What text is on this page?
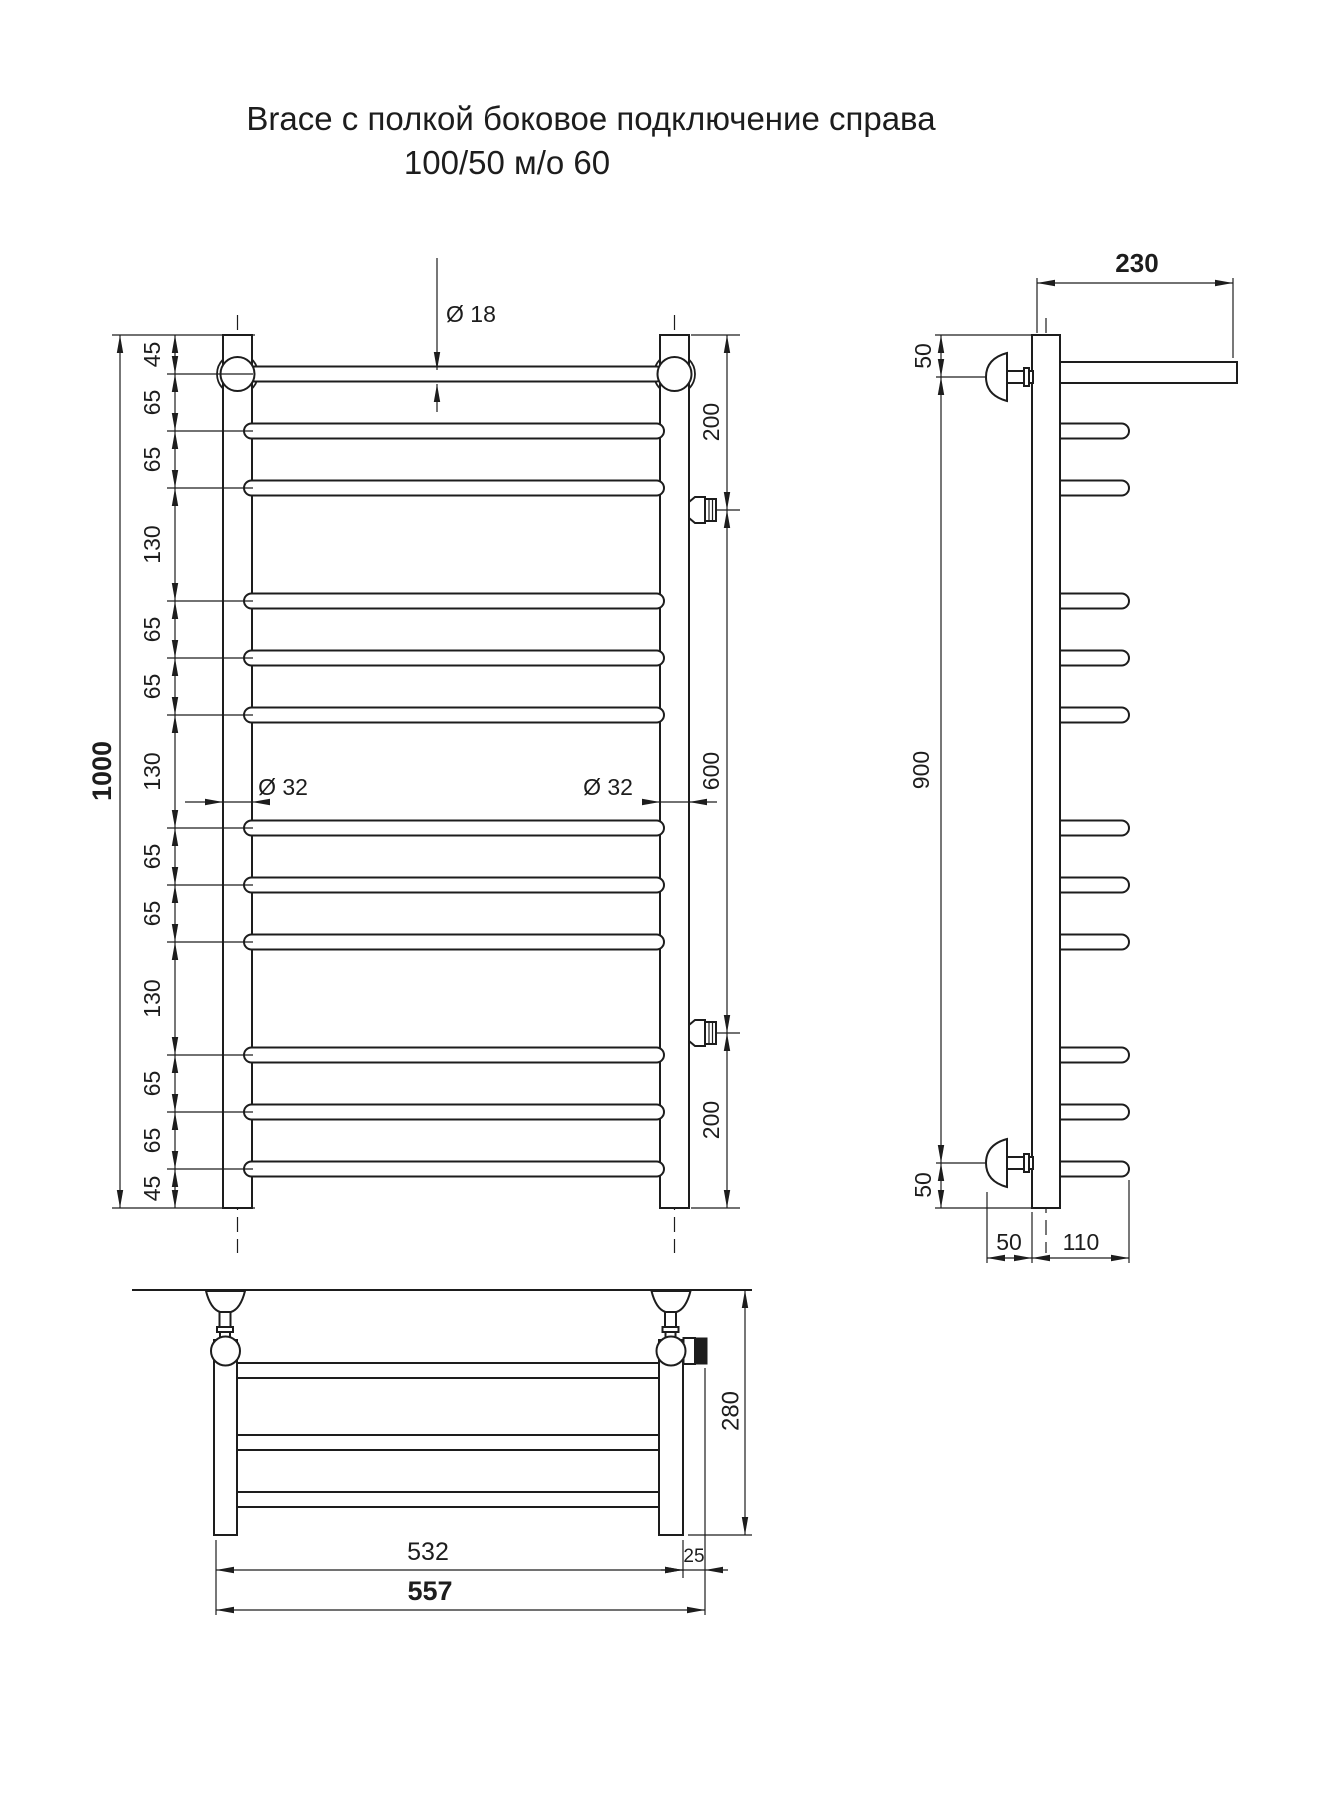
Brace с полкой боковое подключение справа
100/50 м/о 60
45
65
65
130
65
65
130
65
65
130
65
65
45
1000
200
600
200
Ø 18
Ø 32	Ø 32
230
50
900
50
50 110
280
532	25
557
